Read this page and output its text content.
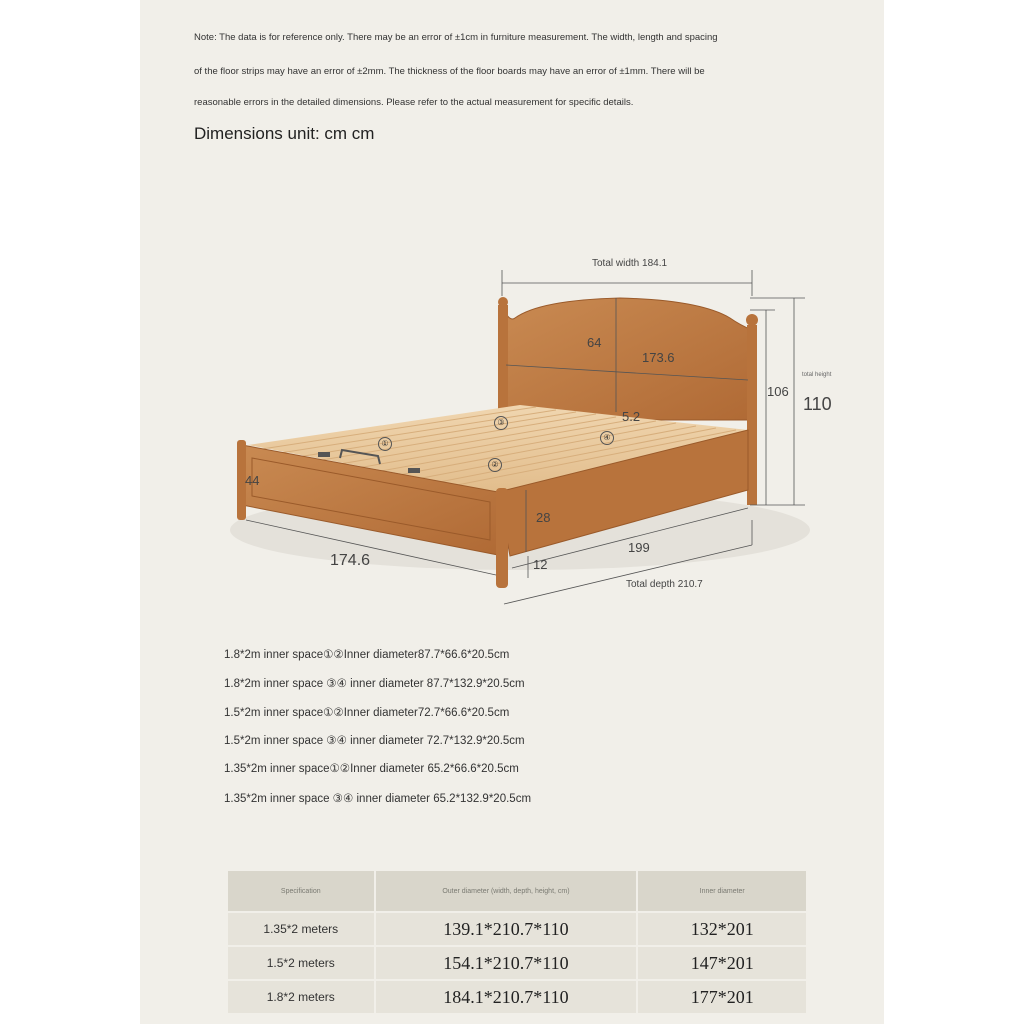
Note: The data is for reference only. There may be an error of ±1cm in furniture measurement. The width, length and spacing
of the floor strips may have an error of ±2mm. The thickness of the floor boards may have an error of ±1mm. There will be
reasonable errors in the detailed dimensions. Please refer to the actual measurement for specific details.
Dimensions unit: cm cm
Total width 184.1
64
173.6
5.2
106
total height
110
44
28
12
199
174.6
Total depth 210.7
①
②
③
④
1.8*2m inner space①②Inner diameter87.7*66.6*20.5cm
1.8*2m inner space ③④ inner diameter 87.7*132.9*20.5cm
1.5*2m inner space①②Inner diameter72.7*66.6*20.5cm
1.5*2m inner space ③④ inner diameter 72.7*132.9*20.5cm
1.35*2m inner space①②Inner diameter 65.2*66.6*20.5cm
1.35*2m inner space ③④ inner diameter 65.2*132.9*20.5cm
Specification	Outer diameter (width, depth, height, cm)	Inner diameter
1.35*2 meters	139.1*210.7*110	132*201
1.5*2 meters	154.1*210.7*110	147*201
1.8*2 meters	184.1*210.7*110	177*201
